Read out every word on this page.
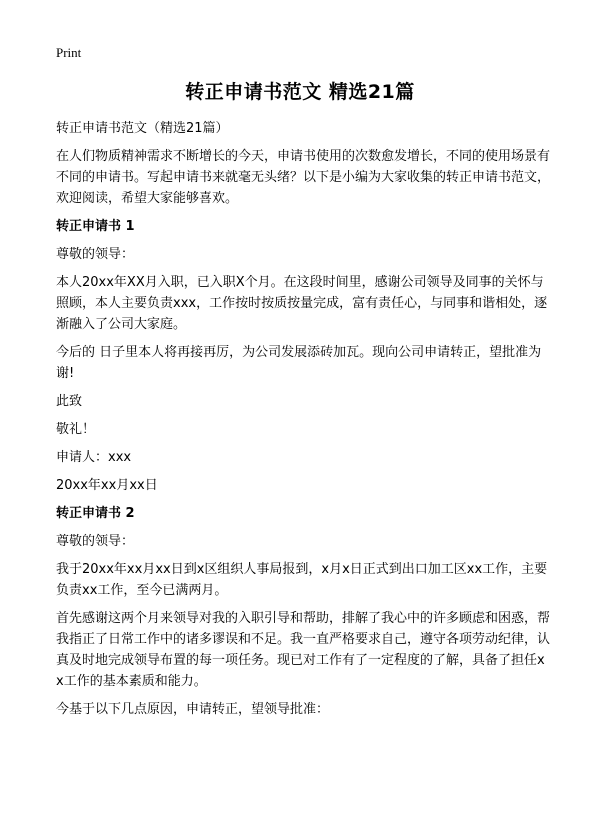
Print
转正申请书范文 精选21篇

转正申请书范文（精选21篇）

在人们物质精神需求不断增长的今天，申请书使用的次数愈发增长，不同的使用场景有不同的申请书。写起申请书来就毫无头绪？以下是小编为大家收集的转正申请书范文，欢迎阅读，希望大家能够喜欢。

转正申请书 1

尊敬的领导：

本人20xx年XX月入职，已入职X个月。在这段时间里，感谢公司领导及同事的关怀与照顾，本人主要负责xxx，工作按时按质按量完成，富有责任心，与同事和谐相处，逐渐融入了公司大家庭。

今后的 日子里本人将再接再厉，为公司发展添砖加瓦。现向公司申请转正，望批准为谢!

此致

敬礼！

申请人：xxx

20xx年xx月xx日

转正申请书 2

尊敬的领导：

我于20xx年xx月xx日到x区组织人事局报到，x月x日正式到出口加工区xx工作，主要负责xx工作，至今已满两月。

首先感谢这两个月来领导对我的入职引导和帮助，排解了我心中的许多顾虑和困惑，帮我指正了日常工作中的诸多谬误和不足。我一直严格要求自己，遵守各项劳动纪律，认真及时地完成领导布置的每一项任务。现已对工作有了一定程度的了解，具备了担任xx工作的基本素质和能力。

今基于以下几点原因，申请转正，望领导批准：
